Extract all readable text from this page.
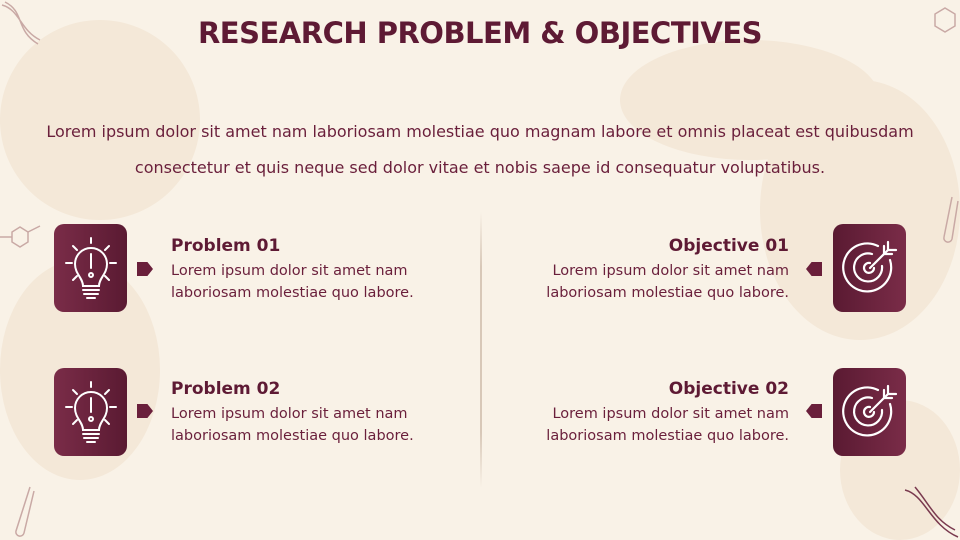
RESEARCH PROBLEM & OBJECTIVES
Lorem ipsum dolor sit amet nam laboriosam molestiae quo magnam labore et omnis placeat est quibusdam consectetur et quis neque sed dolor vitae et nobis saepe id consequatur voluptatibus.
Problem 01

Lorem ipsum dolor sit amet nam laboriosam molestiae quo labore.

Problem 02

Lorem ipsum dolor sit amet nam laboriosam molestiae quo labore.

Objective 01

Lorem ipsum dolor sit amet nam laboriosam molestiae quo labore.

Objective 02

Lorem ipsum dolor sit amet nam laboriosam molestiae quo labore.
